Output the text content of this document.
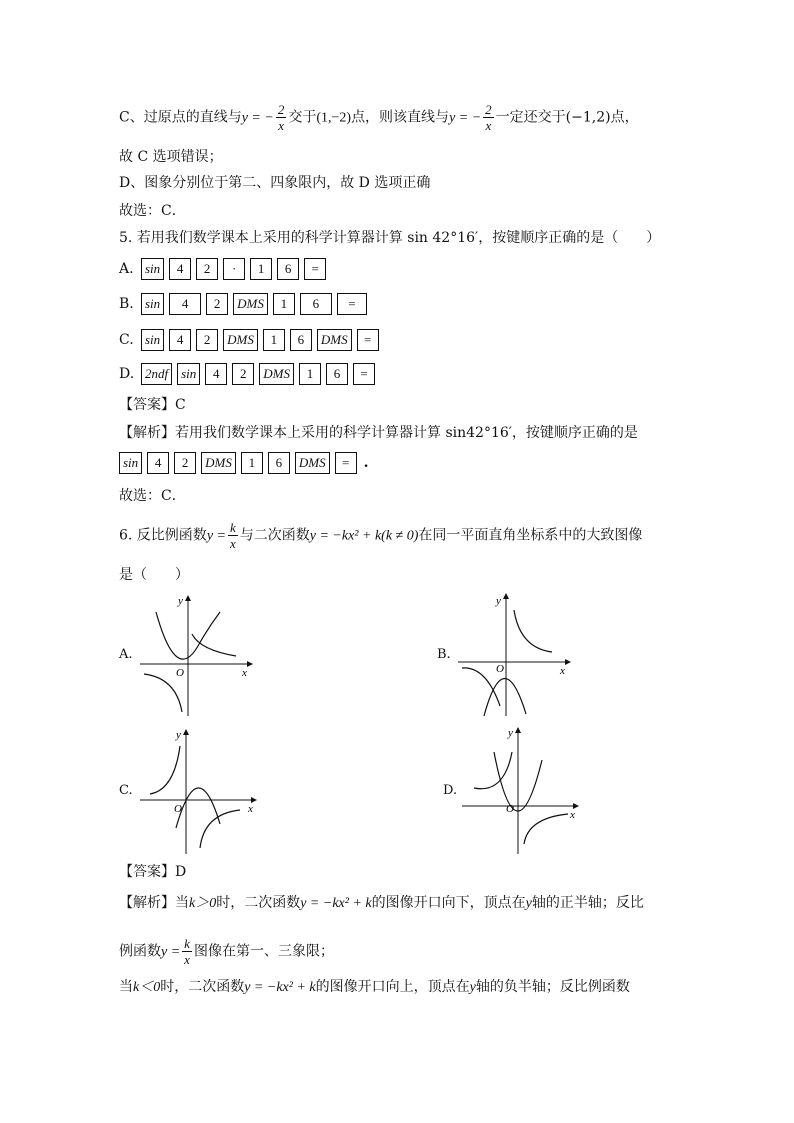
C、过原点的直线与y = − $\frac{2}{x}$ 交于(1,−2)点，则该直线与y = − $\frac{2}{x}$ 一定还交于(−1,2)点，
故 C 选项错误；
D、图象分别位于第二、四象限内，故 D 选项正确
故选：C．
5. 若用我们数学课本上采用的科学计算器计算 sin 42°16′，按键顺序正确的是（　　）
A. sin	4	2	·	1	6	=
B. sin	4	2	DMS	1	6	=
C. sin	4	2	DMS	1	6	DMS	=
D. 2ndf	sin	4	2	DMS	1	6	=
【答案】C
【解析】若用我们数学课本上采用的科学计算器计算 sin42°16′，按键顺序正确的是
sin	4	2	DMS	1	6	DMS	=	.
故选：C．
6. 反比例函数$y = \frac{k}{x}$ 与二次函数y = −kx² + k(k ≠ 0)在同一平面直角坐标系中的大致图像
是（　　）
A.
O	x
y
B.
O	x
y
C.
O	x
y
D.
O	x
y
【答案】D
【解析】当k＞0时，二次函数y = −kx² + k的图像开口向下，顶点在y轴的正半轴；反比
例函数$y = \frac{k}{x}$ 图像在第一、三象限；
当k＜0时，二次函数y = −kx² + k的图像开口向上，顶点在y轴的负半轴；反比例函数
